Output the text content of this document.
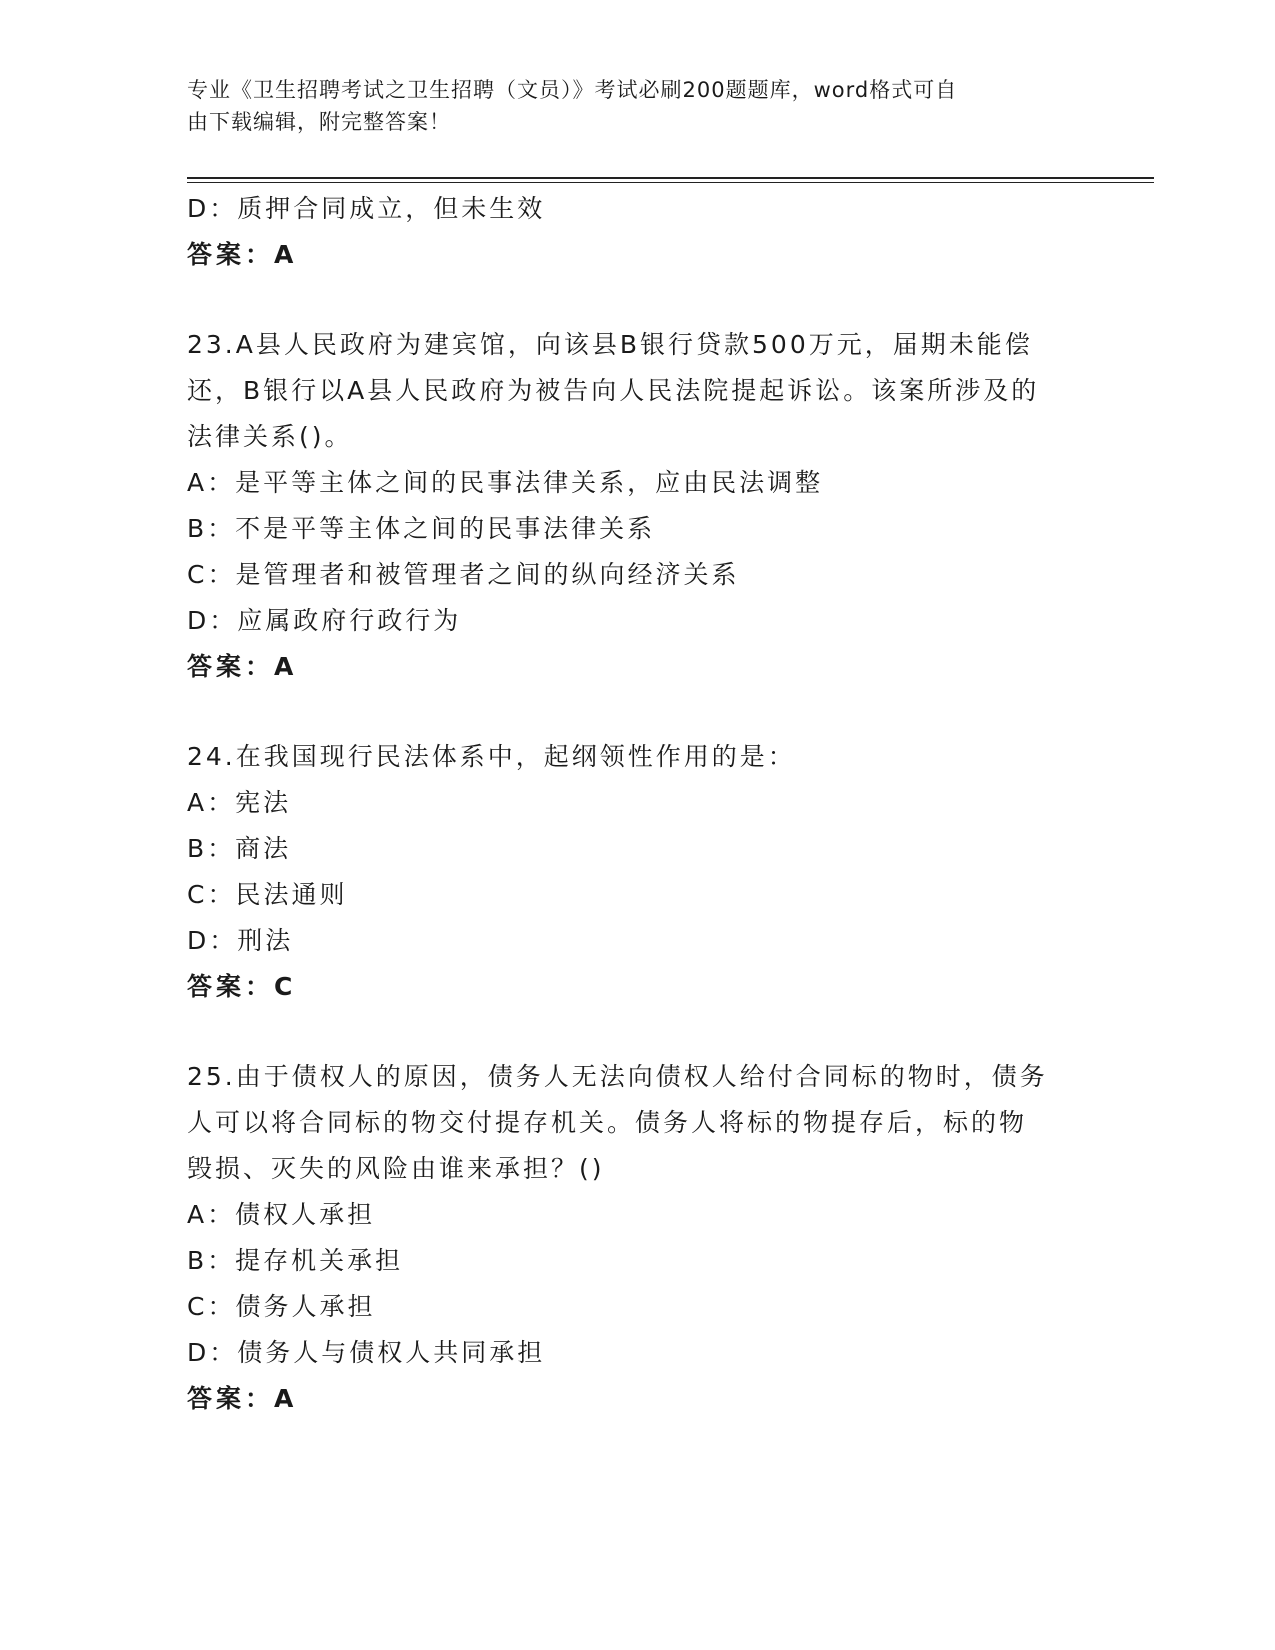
专业《卫生招聘考试之卫生招聘（文员）》考试必刷200题题库，word格式可自
由下载编辑，附完整答案！
D：质押合同成立，但未生效
答案：A
23.A县人民政府为建宾馆，向该县B银行贷款500万元，届期未能偿
还，B银行以A县人民政府为被告向人民法院提起诉讼。该案所涉及的
法律关系()。
A：是平等主体之间的民事法律关系，应由民法调整
B：不是平等主体之间的民事法律关系
C：是管理者和被管理者之间的纵向经济关系
D：应属政府行政行为
答案：A
24.在我国现行民法体系中，起纲领性作用的是：
A：宪法
B：商法
C：民法通则
D：刑法
答案：C
25.由于债权人的原因，债务人无法向债权人给付合同标的物时，债务
人可以将合同标的物交付提存机关。债务人将标的物提存后，标的物
毁损、灭失的风险由谁来承担？()
A：债权人承担
B：提存机关承担
C：债务人承担
D：债务人与债权人共同承担
答案：A
